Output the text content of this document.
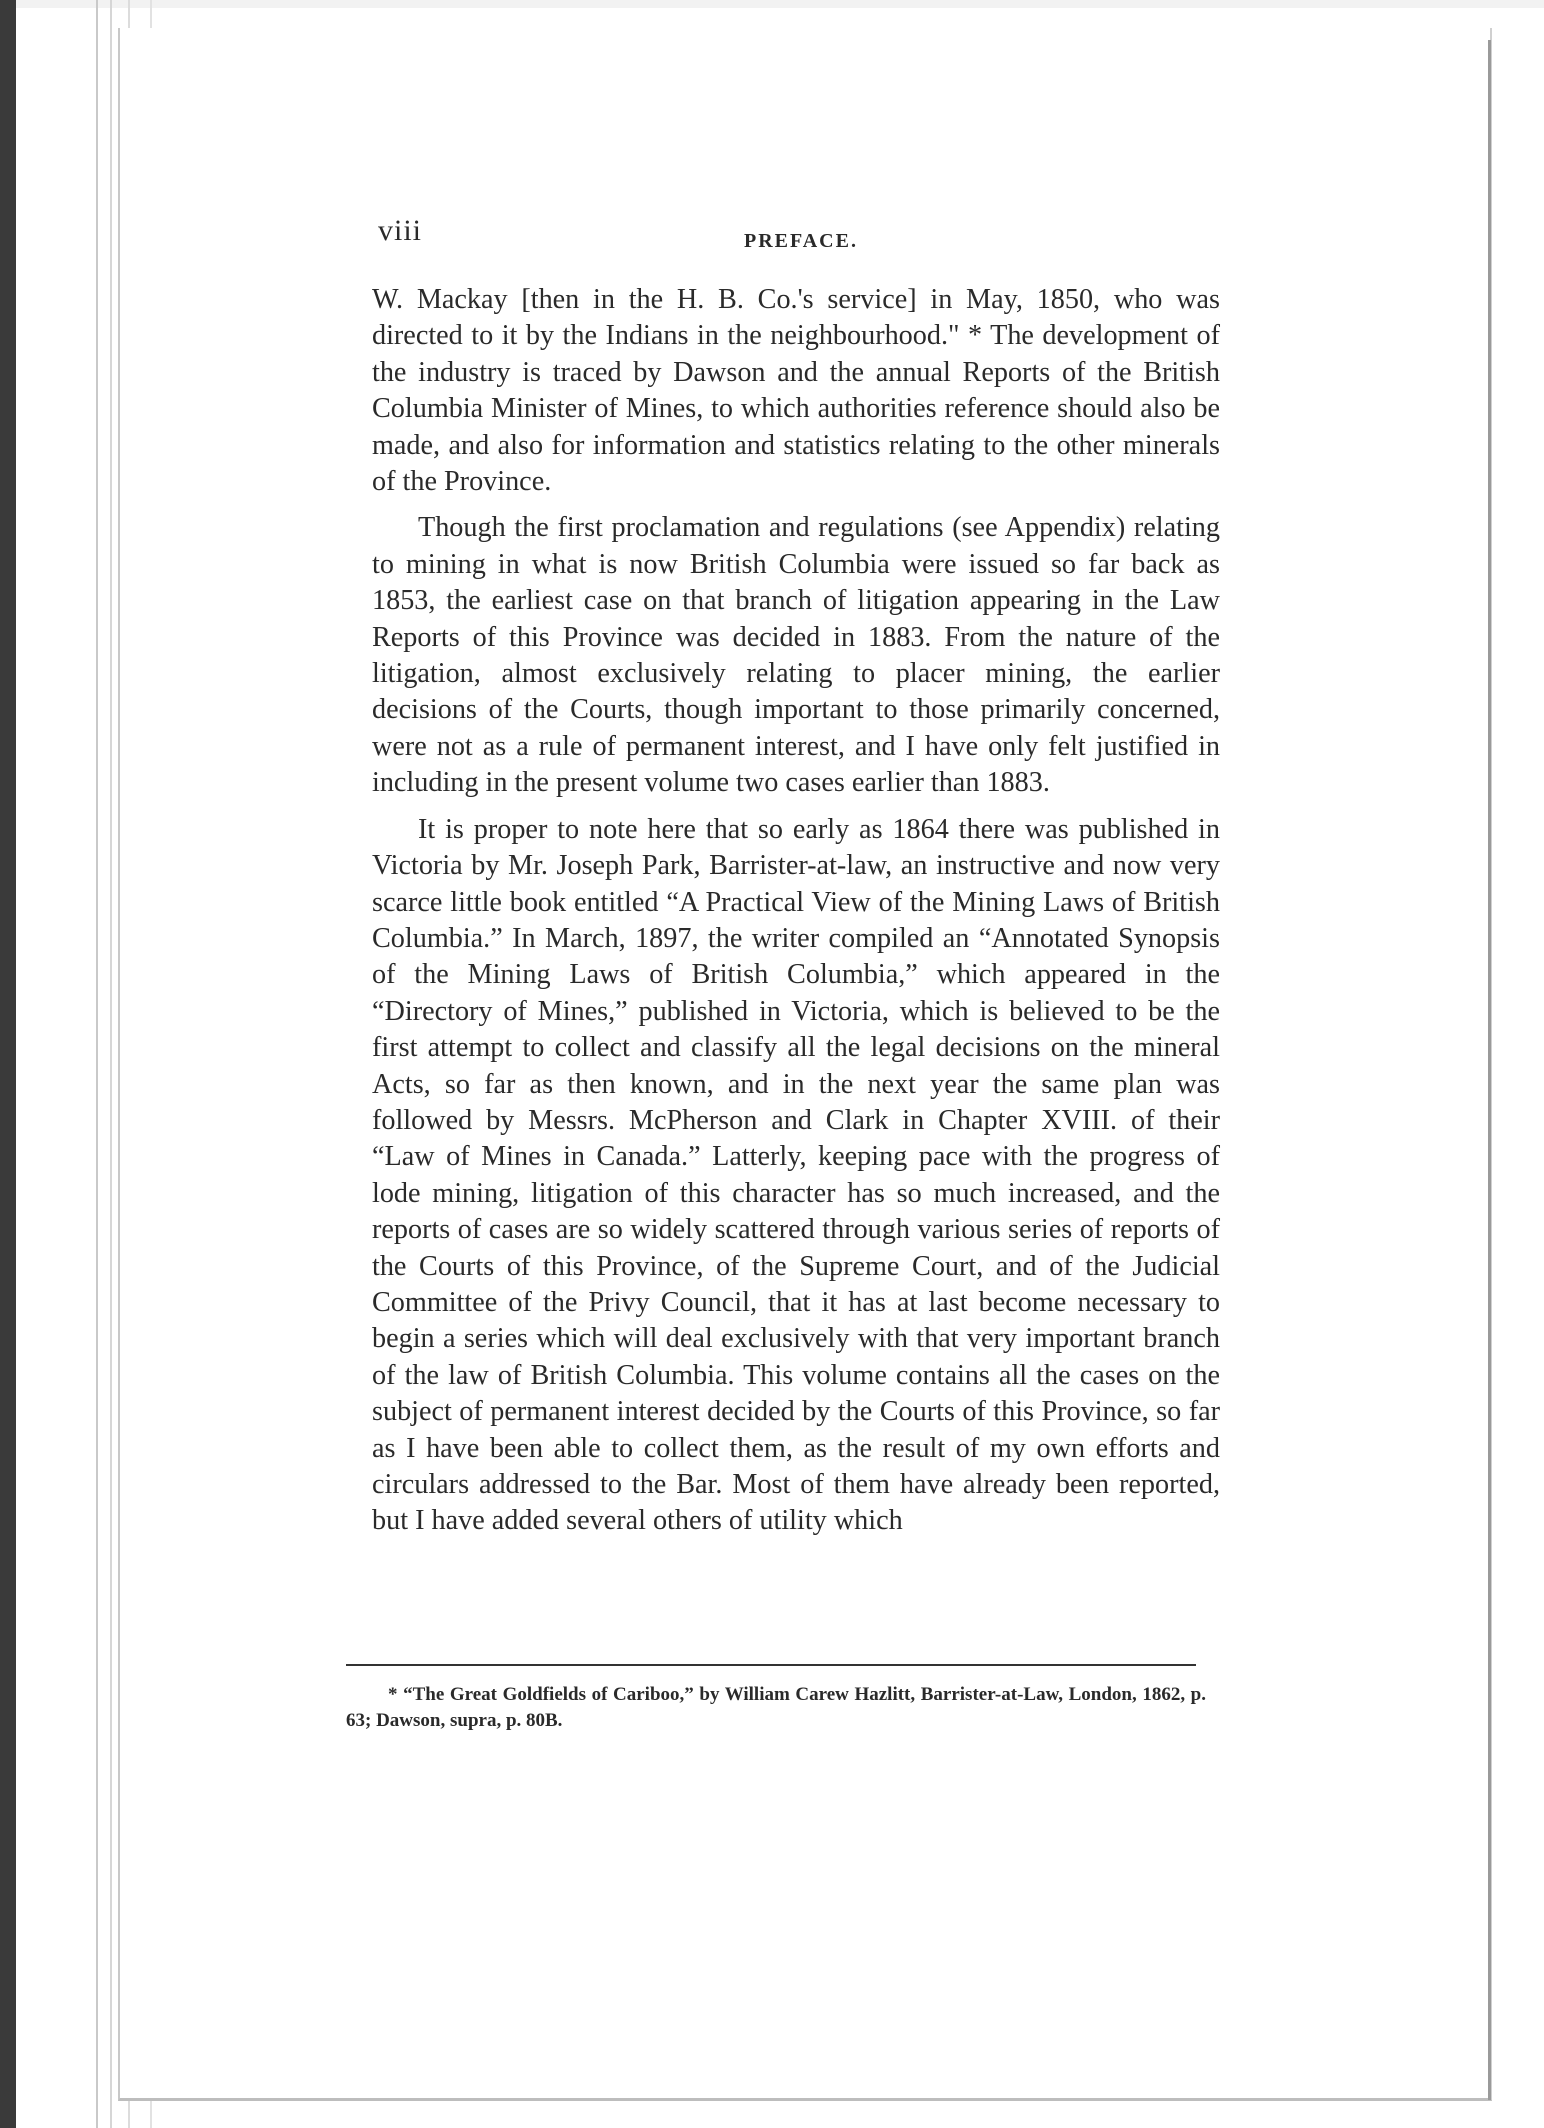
viii	PREFACE.

W. Mackay [then in the H. B. Co.'s service] in May, 1850, who was directed to it by the Indians in the neighbourhood." * The development of the industry is traced by Dawson and the annual Reports of the British Columbia Minister of Mines, to which authorities reference should also be made, and also for information and statistics relating to the other minerals of the Province.

Though the first proclamation and regulations (see Appendix) relating to mining in what is now British Columbia were issued so far back as 1853, the earliest case on that branch of litigation appearing in the Law Reports of this Province was decided in 1883. From the nature of the litigation, almost exclusively relating to placer mining, the earlier decisions of the Courts, though important to those primarily concerned, were not as a rule of permanent interest, and I have only felt justified in including in the present volume two cases earlier than 1883.

It is proper to note here that so early as 1864 there was published in Victoria by Mr. Joseph Park, Barrister-at-law, an instructive and now very scarce little book entitled “A Practical View of the Mining Laws of British Columbia.” In March, 1897, the writer compiled an “Annotated Synopsis of the Mining Laws of British Columbia,” which appeared in the “Directory of Mines,” published in Victoria, which is believed to be the first attempt to collect and classify all the legal decisions on the mineral Acts, so far as then known, and in the next year the same plan was followed by Messrs. McPherson and Clark in Chapter XVIII. of their “Law of Mines in Canada.” Latterly, keeping pace with the progress of lode mining, litigation of this character has so much increased, and the reports of cases are so widely scattered through various series of reports of the Courts of this Province, of the Supreme Court, and of the Judicial Committee of the Privy Council, that it has at last become necessary to begin a series which will deal exclusively with that very important branch of the law of British Columbia. This volume contains all the cases on the subject of permanent interest decided by the Courts of this Province, so far as I have been able to collect them, as the result of my own efforts and circulars addressed to the Bar. Most of them have already been reported, but I have added several others of utility which

* “The Great Goldfields of Cariboo,” by William Carew Hazlitt, Barrister-at-Law, London, 1862, p. 63; Dawson, supra, p. 80B.
